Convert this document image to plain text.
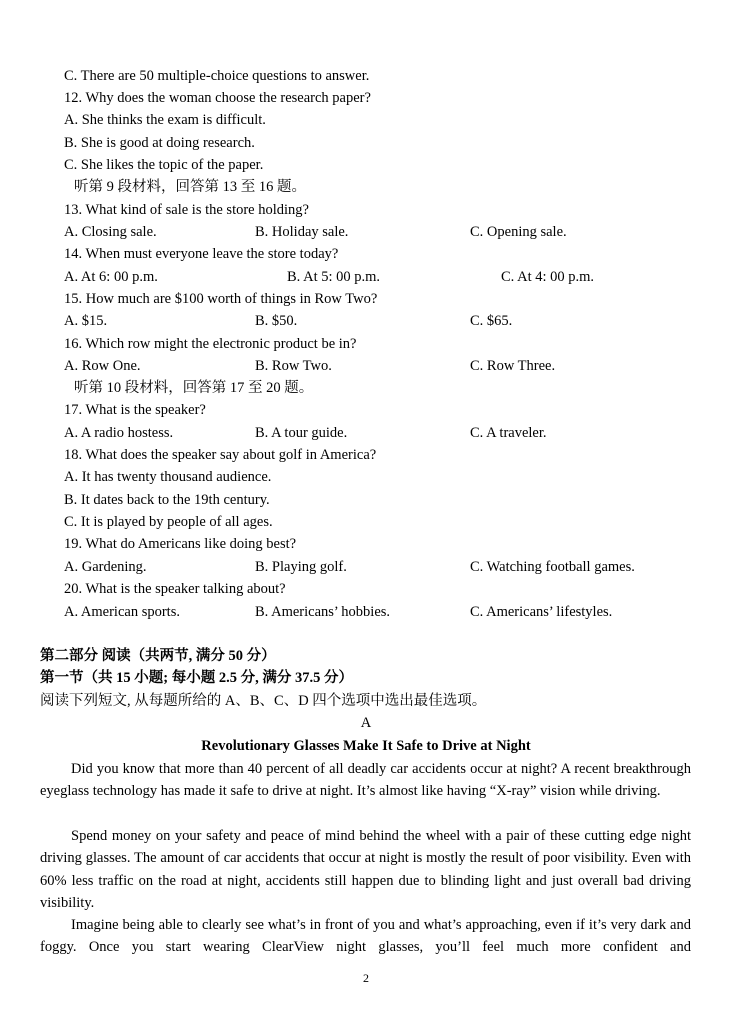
C. There are 50 multiple-choice questions to answer.
12. Why does the woman choose the research paper?
A. She thinks the exam is difficult.
B. She is good at doing research.
C. She likes the topic of the paper.
听第 9 段材料，回答第 13 至 16 题。
13. What kind of sale is the store holding?
A. Closing sale.	B. Holiday sale.	C. Opening sale.
14. When must everyone leave the store today?
A. At 6: 00 p.m.	B. At 5: 00 p.m.	C. At 4: 00 p.m.
15. How much are $100 worth of things in Row Two?
A. $15.	B. $50.	C. $65.
16. Which row might the electronic product be in?
A. Row One.	B. Row Two.	C. Row Three.
听第 10 段材料，回答第 17 至 20 题。
17. What is the speaker?
A. A radio hostess.	B. A tour guide.	C. A traveler.
18. What does the speaker say about golf in America?
A. It has twenty thousand audience.
B. It dates back to the 19th century.
C. It is played by people of all ages.
19. What do Americans like doing best?
A. Gardening.	B. Playing golf.	C. Watching football games.
20. What is the speaker talking about?
A. American sports.	B. Americans’ hobbies.	C. Americans’ lifestyles.
第二部分 阅读（共两节, 满分 50 分）
第一节（共 15 小题; 每小题 2.5 分, 满分 37.5 分）
阅读下列短文, 从每题所给的 A、B、C、D 四个选项中选出最佳选项。
A
Revolutionary Glasses Make It Safe to Drive at Night

Did you know that more than 40 percent of all deadly car accidents occur at night? A recent breakthrough eyeglass technology has made it safe to drive at night. It’s almost like having “X-ray” vision while driving.

Spend money on your safety and peace of mind behind the wheel with a pair of these cutting edge night driving glasses. The amount of car accidents that occur at night is mostly the result of poor visibility. Even with 60% less traffic on the road at night, accidents still happen due to blinding light and just overall bad driving visibility.

Imagine being able to clearly see what’s in front of you and what’s approaching, even if it’s very dark and foggy. Once you start wearing ClearView night glasses, you’ll feel much more confident and

2
